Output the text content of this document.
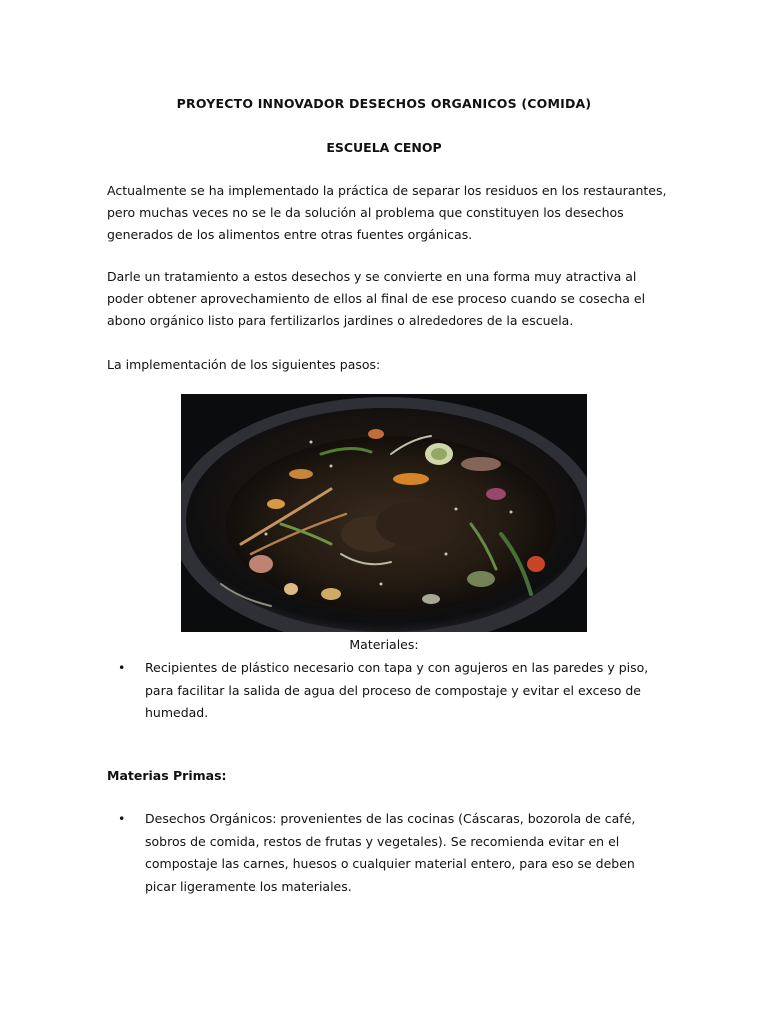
PROYECTO INNOVADOR DESECHOS ORGANICOS (COMIDA)
ESCUELA CENOP

Actualmente se ha implementado la práctica de separar los residuos en los restaurantes, pero muchas veces no se le da solución al problema que constituyen los desechos generados de los alimentos entre otras fuentes orgánicas.

Darle un tratamiento a estos desechos y se convierte en una forma muy atractiva al poder obtener aprovechamiento de ellos al final de ese proceso cuando se cosecha el abono orgánico listo para fertilizarlos jardines o alrededores de la escuela.

La implementación de los siguientes pasos:

Materiales:
• Recipientes de plástico necesario con tapa y con agujeros en las paredes y piso, para facilitar la salida de agua del proceso de compostaje y evitar el exceso de humedad.

Materias Primas:
• Desechos Orgánicos: provenientes de las cocinas (Cáscaras, bozorola de café, sobros de comida, restos de frutas y vegetales). Se recomienda evitar en el compostaje las carnes, huesos o cualquier material entero, para eso se deben picar ligeramente los materiales.
